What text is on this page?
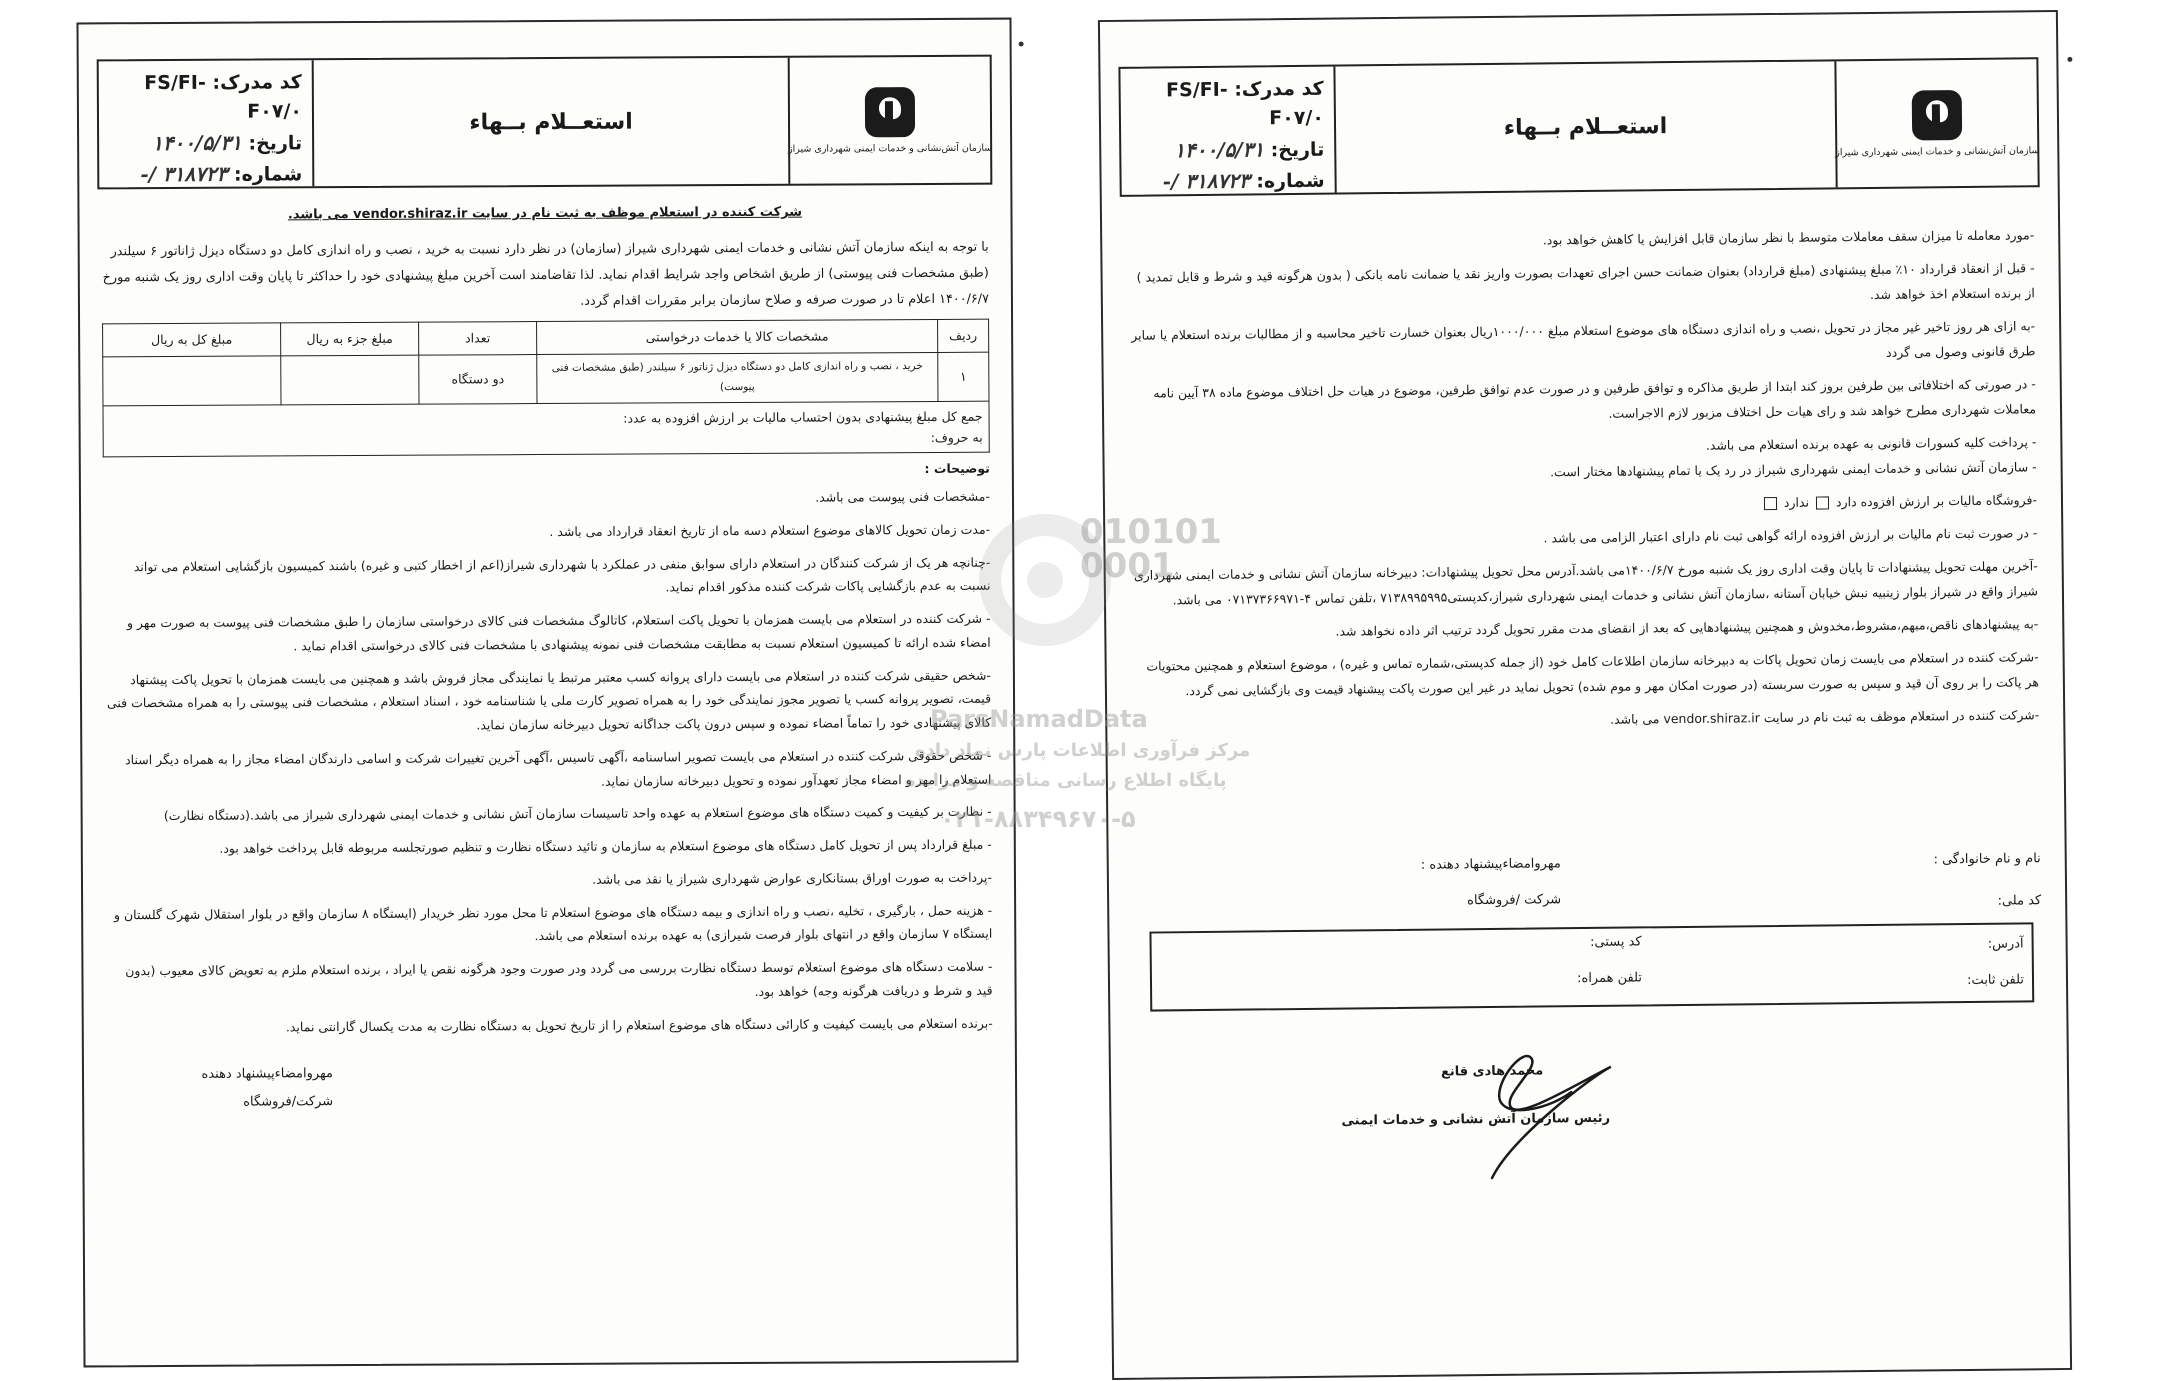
کد مدرک: FS/FI-F۰۷/۰
تاریخ: ۱۴۰۰/۵/۳۱
شماره: ۳۱۸۷۲۳ /-
استعــلام بــهاء
سازمان آتش‌نشانی و خدمات ایمنی شهرداری شیراز

شرکت کننده در استعلام موظف به ثبت نام در سایت vendor.shiraz.ir می باشد.

با توجه به اینکه سازمان آتش نشانی و خدمات ایمنی شهرداری شیراز (سازمان) در نظر دارد نسبت به خرید ، نصب و راه اندازی کامل دو دستگاه دیزل ژاناتور ۶ سیلندر (طبق مشخصات فنی پیوستی) از طریق اشخاص واجد شرایط اقدام نماید. لذا تقاضامند است آخرین مبلغ پیشنهادی خود را حداکثر تا پایان وقت اداری روز یک شنبه مورخ ۱۴۰۰/۶/۷ اعلام تا در صورت صرفه و صلاح سازمان برابر مقررات اقدام گردد.

ردیف	مشخصات کالا یا خدمات درخواستی	تعداد	مبلغ جزء به ریال	مبلغ کل به ریال
۱	خرید ، نصب و راه اندازی کامل دو دستگاه دیزل ژناتور ۶ سیلندر (طبق مشخصات فنی پیوست)	دو دستگاه		

جمع کل مبلغ پیشنهادی بدون احتساب مالیات بر ارزش افزوده به عدد:
به حروف:				

توضیحات :

-مشخصات فنی پیوست می باشد.

-مدت زمان تحویل کالاهای موضوع استعلام دسه ماه از تاریخ انعقاد قرارداد می باشد .

-چنانچه هر یک از شرکت کنندگان در استعلام دارای سوابق منفی در عملکرد با شهرداری شیراز(اعم از اخطار کتبی و غیره) باشند کمیسیون بازگشایی استعلام می تواند نسبت به عدم بازگشایی پاکات شرکت کننده مذکور اقدام نماید.

- شرکت کننده در استعلام می بایست همزمان با تحویل پاکت استعلام، کاتالوگ مشخصات فنی کالای درخواستی سازمان را طبق مشخصات فنی پیوست به صورت مهر و امضاء شده ارائه تا کمیسیون استعلام نسبت به مطابقت مشخصات فنی نمونه پیشنهادی با مشخصات فنی کالای درخواستی اقدام نماید .

-شخص حقیقی شرکت کننده در استعلام می بایست دارای پروانه کسب معتبر مرتبط یا نمایندگی مجاز فروش باشد و همچنین می بایست همزمان با تحویل پاکت پیشنهاد قیمت، تصویر پروانه کسب یا تصویر مجوز نمایندگی خود را به همراه تصویر کارت ملی یا شناسنامه خود ، اسناد استعلام ، مشخصات فنی پیوستی را به همراه مشخصات فنی کالای پیشنهادی خود را تماماً امضاء نموده و سپس درون پاکت جداگانه تحویل دبیرخانه سازمان نماید.

- شخص حقوقی شرکت کننده در استعلام می بایست تصویر اساسنامه ،آگهی تاسیس ،آگهی آخرین تغییرات شرکت و اسامی دارندگان امضاء مجاز را به همراه دیگر اسناد استعلام را مهر و امضاء مجاز تعهدآور نموده و تحویل دبیرخانه سازمان نماید.

- نظارت بر کیفیت و کمیت دستگاه های موضوع استعلام به عهده واحد تاسیسات سازمان آتش نشانی و خدمات ایمنی شهرداری شیراز می باشد.(دستگاه نظارت)

- مبلغ قرارداد پس از تحویل کامل دستگاه های موضوع استعلام به سازمان و تائید دستگاه نظارت و تنظیم صورتجلسه مربوطه قابل پرداخت خواهد بود.

-پرداخت به صورت اوراق بستانکاری عوارض شهرداری شیراز یا نقد می باشد.

- هزینه حمل ، بارگیری ، تخلیه ،نصب و راه اندازی و بیمه دستگاه های موضوع استعلام تا محل مورد نظر خریدار (ایستگاه ۸ سازمان واقع در بلوار استقلال شهرک گلستان و ایستگاه ۷ سازمان واقع در انتهای بلوار فرصت شیرازی) به عهده برنده استعلام می باشد.

- سلامت دستگاه های موضوع استعلام توسط دستگاه نظارت بررسی می گردد ودر صورت وجود هرگونه نقص یا ایراد ، برنده استعلام ملزم به تعویض کالای معیوب (بدون قید و شرط و دریافت هرگونه وجه) خواهد بود.

-برنده استعلام می بایست کیفیت و کارائی دستگاه های موضوع استعلام را از تاریخ تحویل به دستگاه نظارت به مدت یکسال گارانتی نماید.

مهروامضاءپیشنهاد دهنده
شرکت/فروشگاه
کد مدرک: FS/FI-F۰۷/۰
تاریخ: ۱۴۰۰/۵/۳۱
شماره: ۳۱۸۷۲۳ /-
استعــلام بــهاء
سازمان آتش‌نشانی و خدمات ایمنی شهرداری شیراز

-مورد معامله تا میزان سقف معاملات متوسط با نظر سازمان قابل افزایش یا کاهش خواهد بود.

- قبل از انعقاد قرارداد ۱۰٪ مبلغ پیشنهادی (مبلغ قرارداد) بعنوان ضمانت حسن اجرای تعهدات بصورت واریز نقد یا ضمانت نامه بانکی ( بدون هرگونه قید و شرط و قابل تمدید ) از برنده استعلام اخذ خواهد شد.

-به ازای هر روز تاخیر غیر مجاز در تحویل ،نصب و راه اندازی دستگاه های موضوع استعلام مبلغ ۱۰۰۰/۰۰۰ریال بعنوان خسارت تاخیر محاسبه و از مطالبات برنده استعلام یا سایر طرق قانونی وصول می گردد

- در صورتی که اختلافاتی بین طرفین بروز کند ابتدا از طریق مذاکره و توافق طرفین و در صورت عدم توافق طرفین، موضوع در هیات حل اختلاف موضوع ماده ۳۸ آیین نامه معاملات شهرداری مطرح خواهد شد و رای هیات حل اختلاف مزبور لازم الاجراست.

- پرداخت کلیه کسورات قانونی به عهده برنده استعلام می باشد.

- سازمان آتش نشانی و خدمات ایمنی شهرداری شیراز در رد یک یا تمام پیشنهادها مختار است.

-فروشگاه مالیات بر ارزش افزوده دارد  ندارد

- در صورت ثبت نام مالیات بر ارزش افزوده ارائه گواهی ثبت نام دارای اعتبار الزامی می باشد .

-آخرین مهلت تحویل پیشنهادات تا پایان وقت اداری روز یک شنبه مورخ ۱۴۰۰/۶/۷می باشد.آدرس محل تحویل پیشنهادات: دبیرخانه سازمان آتش نشانی و خدمات ایمنی شهرداری شیراز واقع در شیراز بلوار زینبیه نبش خیابان آستانه ،سازمان آتش نشانی و خدمات ایمنی شهرداری شیراز،کدپستی۷۱۳۸۹۹۵۹۹۵ ،تلفن تماس ۴-۰۷۱۳۷۳۶۶۹۷۱ می باشد.

-به پیشنهادهای ناقص،مبهم،مشروط،مخدوش و همچنین پیشنهادهایی که بعد از انقضای مدت مقرر تحویل گردد ترتیب اثر داده نخواهد شد.

-شرکت کننده در استعلام می بایست زمان تحویل پاکات به دبیرخانه سازمان اطلاعات کامل خود (از جمله کدپستی،شماره تماس و غیره) ، موضوع استعلام و همچنین محتویات هر پاکت را بر روی آن قید و سپس به صورت سربسته (در صورت امکان مهر و موم شده) تحویل نماید در غیر این صورت پاکت پیشنهاد قیمت وی بازگشایی نمی گردد.

-شرکت کننده در استعلام موظف به ثبت نام در سایت vendor.shiraz.ir می باشد.

نام و نام خانوادگی :
مهروامضاءپیشنهاد دهنده :
کد ملی:
شرکت /فروشگاه
آدرس:
کد پستی:
تلفن ثابت:
تلفن همراه:
محمد هادی قانع
رئیس سازمان آتش نشانی و خدمات ایمنی
010101
0001
ParsNamadData
مرکز فرآوری اطلاعات پارس نماد داده
پایگاه اطلاع رسانی مناقصه و مزایده
۰۲۱-۸۸۳۴۹۶۷۰-۵
